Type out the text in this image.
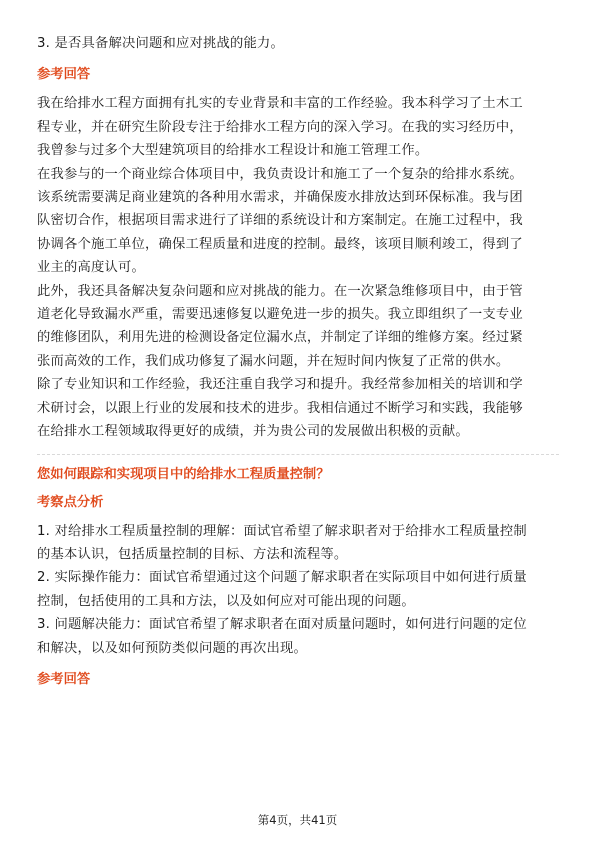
3. 是否具备解决问题和应对挑战的能力。
参考回答
我在给排水工程方面拥有扎实的专业背景和丰富的工作经验。我本科学习了土木工
程专业，并在研究生阶段专注于给排水工程方向的深入学习。在我的实习经历中，
我曾参与过多个大型建筑项目的给排水工程设计和施工管理工作。
在我参与的一个商业综合体项目中，我负责设计和施工了一个复杂的给排水系统。
该系统需要满足商业建筑的各种用水需求，并确保废水排放达到环保标准。我与团
队密切合作，根据项目需求进行了详细的系统设计和方案制定。在施工过程中，我
协调各个施工单位，确保工程质量和进度的控制。最终，该项目顺利竣工，得到了
业主的高度认可。
此外，我还具备解决复杂问题和应对挑战的能力。在一次紧急维修项目中，由于管
道老化导致漏水严重，需要迅速修复以避免进一步的损失。我立即组织了一支专业
的维修团队，利用先进的检测设备定位漏水点，并制定了详细的维修方案。经过紧
张而高效的工作，我们成功修复了漏水问题，并在短时间内恢复了正常的供水。
除了专业知识和工作经验，我还注重自我学习和提升。我经常参加相关的培训和学
术研讨会，以跟上行业的发展和技术的进步。我相信通过不断学习和实践，我能够
在给排水工程领域取得更好的成绩，并为贵公司的发展做出积极的贡献。
您如何跟踪和实现项目中的给排水工程质量控制？
考察点分析
1. 对给排水工程质量控制的理解：面试官希望了解求职者对于给排水工程质量控制
的基本认识，包括质量控制的目标、方法和流程等。
2. 实际操作能力：面试官希望通过这个问题了解求职者在实际项目中如何进行质量
控制，包括使用的工具和方法，以及如何应对可能出现的问题。
3. 问题解决能力：面试官希望了解求职者在面对质量问题时，如何进行问题的定位
和解决，以及如何预防类似问题的再次出现。
参考回答
第4页，共41页
